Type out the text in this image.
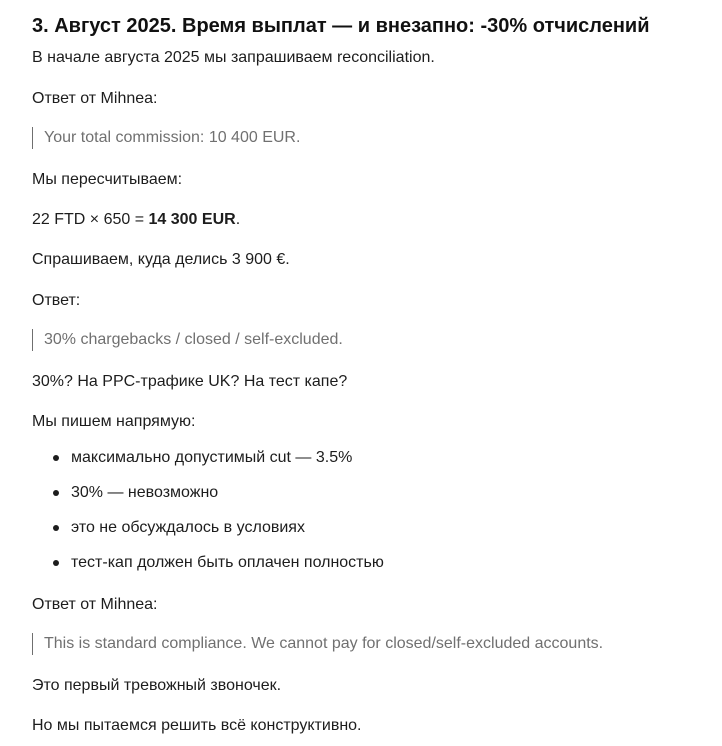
3. Август 2025. Время выплат — и внезапно: -30% отчислений
В начале августа 2025 мы запрашиваем reconciliation.
Ответ от Mihnea:
Your total commission: 10 400 EUR.
Мы пересчитываем:
22 FTD × 650 = 14 300 EUR.
Спрашиваем, куда делись 3 900 €.
Ответ:
30% chargebacks / closed / self-excluded.
30%? На PPC-трафике UK? На тест капе?
Мы пишем напрямую:
максимально допустимый cut — 3.5%
30% — невозможно
это не обсуждалось в условиях
тест-кап должен быть оплачен полностью
Ответ от Mihnea:
This is standard compliance. We cannot pay for closed/self-excluded accounts.
Это первый тревожный звоночек.
Но мы пытаемся решить всё конструктивно.
